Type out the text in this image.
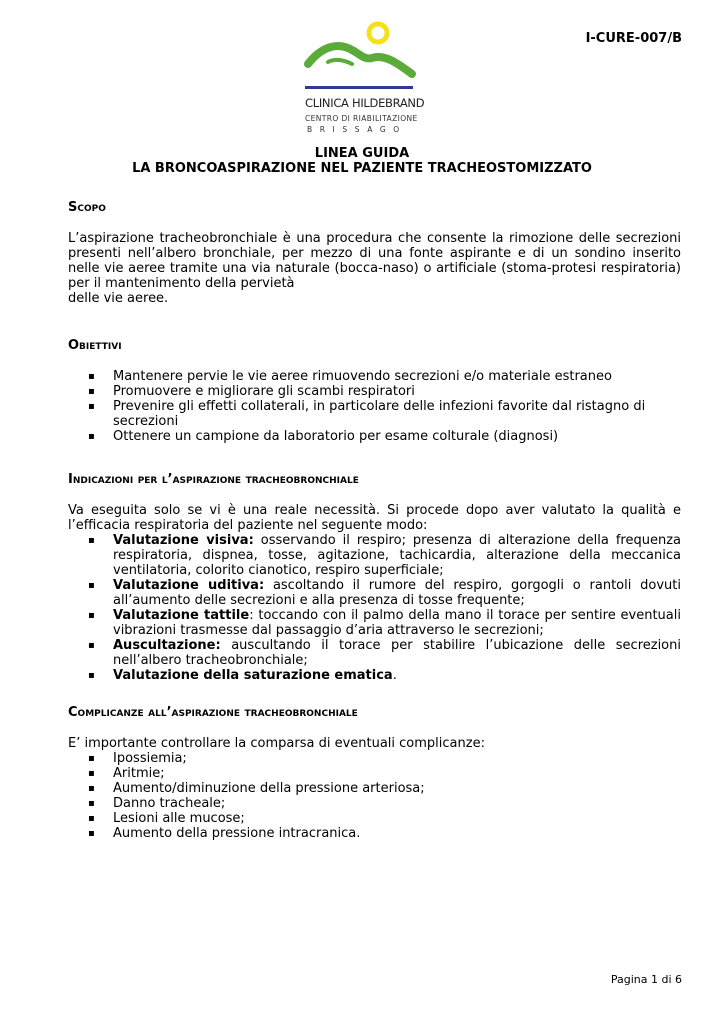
I-CURE-007/B
CLINICA HILDEBRAND
CENTRO DI RIABILITAZIONE
BRISSAGO
LINEA GUIDA
LA BRONCOASPIRAZIONE NEL PAZIENTE TRACHEOSTOMIZZATO
Scopo

L’aspirazione tracheobronchiale è una procedura che consente la rimozione delle secrezioni presenti nell’albero bronchiale, per mezzo di una fonte aspirante e di un sondino inserito nelle vie aeree tramite una via naturale (bocca-naso) o artificiale (stoma-protesi respiratoria) per il mantenimento della pervietà

delle vie aeree.

Obiettivi
▪ Mantenere pervie le vie aeree rimuovendo secrezioni e/o materiale estraneo
▪ Promuovere e migliorare gli scambi respiratori
▪ Prevenire gli effetti collaterali, in particolare delle infezioni favorite dal ristagno di secrezioni
▪ Ottenere un campione da laboratorio per esame colturale (diagnosi)
Indicazioni per l’aspirazione tracheobronchiale

Va eseguita solo se vi è una reale necessità. Si procede dopo aver valutato la qualità e l’efficacia respiratoria del paziente nel seguente modo:

▪ Valutazione visiva: osservando il respiro; presenza di alterazione della frequenza respiratoria, dispnea, tosse, agitazione, tachicardia, alterazione della meccanica ventilatoria, colorito cianotico, respiro superficiale;
▪ Valutazione uditiva: ascoltando il rumore del respiro, gorgogli o rantoli dovuti all’aumento delle secrezioni e alla presenza di tosse frequente;
▪ Valutazione tattile: toccando con il palmo della mano il torace per sentire eventuali vibrazioni trasmesse dal passaggio d’aria attraverso le secrezioni;
▪ Auscultazione: auscultando il torace per stabilire l’ubicazione delle secrezioni nell’albero tracheobronchiale;
▪ Valutazione della saturazione ematica.
Complicanze all’aspirazione tracheobronchiale

E’ importante controllare la comparsa di eventuali complicanze:

▪ Ipossiemia;
▪ Aritmie;
▪ Aumento/diminuzione della pressione arteriosa;
▪ Danno tracheale;
▪ Lesioni alle mucose;
▪ Aumento della pressione intracranica.
Pagina 1 di 6
